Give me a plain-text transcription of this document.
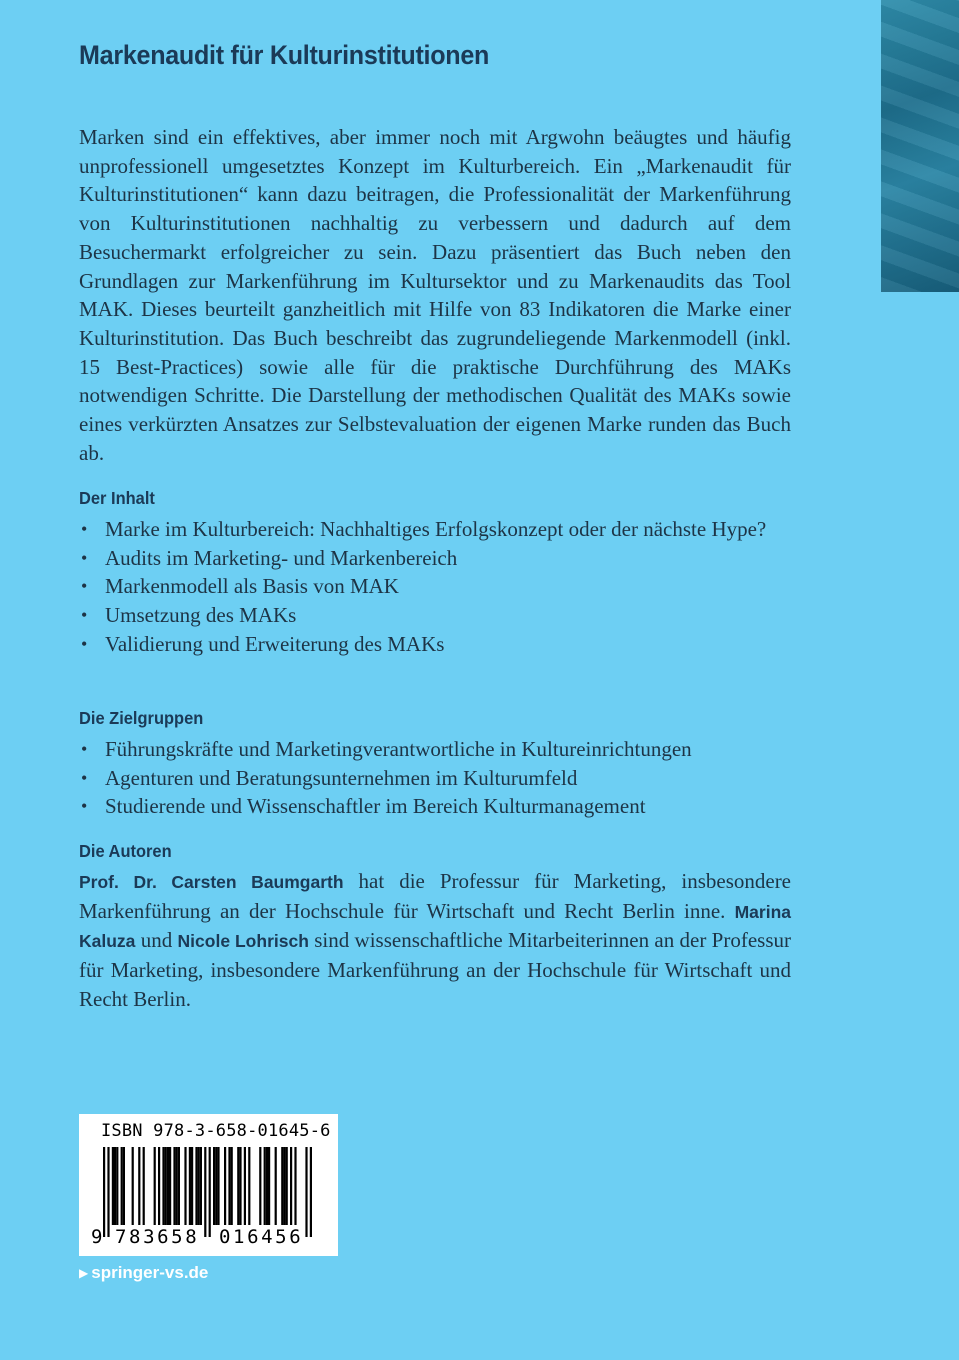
Markenaudit für Kulturinstitutionen

Marken sind ein effektives, aber immer noch mit Argwohn beäugtes und häufig unprofessionell umgesetztes Konzept im Kulturbereich. Ein „Markenaudit für Kulturinstitutionen“ kann dazu beitragen, die Professionalität der Markenführung von Kulturinstitutionen nachhaltig zu verbessern und dadurch auf dem Besuchermarkt erfolgreicher zu sein. Dazu präsentiert das Buch neben den Grundlagen zur Markenführung im Kultursektor und zu Markenaudits das Tool MAK. Dieses beurteilt ganzheitlich mit Hilfe von 83 Indikatoren die Marke einer Kulturinstitution. Das Buch beschreibt das zugrundeliegende Markenmodell (inkl. 15 Best-Practices) sowie alle für die praktische Durchführung des MAKs notwendigen Schritte. Die Darstellung der methodischen Qualität des MAKs sowie eines verkürzten Ansatzes zur Selbstevaluation der eigenen Marke runden das Buch ab.

Der Inhalt
• Marke im Kulturbereich: Nachhaltiges Erfolgskonzept oder der nächste Hype?
• Audits im Marketing- und Markenbereich
• Markenmodell als Basis von MAK
• Umsetzung des MAKs
• Validierung und Erweiterung des MAKs
Die Zielgruppen
• Führungskräfte und Marketingverantwortliche in Kultureinrichtungen
• Agenturen und Beratungsunternehmen im Kulturumfeld
• Studierende und Wissenschaftler im Bereich Kulturmanagement
Die Autoren

Prof. Dr. Carsten Baumgarth hat die Professur für Marketing, insbesondere Markenführung an der Hochschule für Wirtschaft und Recht Berlin inne. Marina Kaluza und Nicole Lohrisch sind wissenschaftliche Mitarbeiterinnen an der Professur für Marketing, insbesondere Markenführung an der Hochschule für Wirtschaft und Recht Berlin.

ISBN 978-3-658-01645-6
9 783658 016456
▶ springer-vs.de
